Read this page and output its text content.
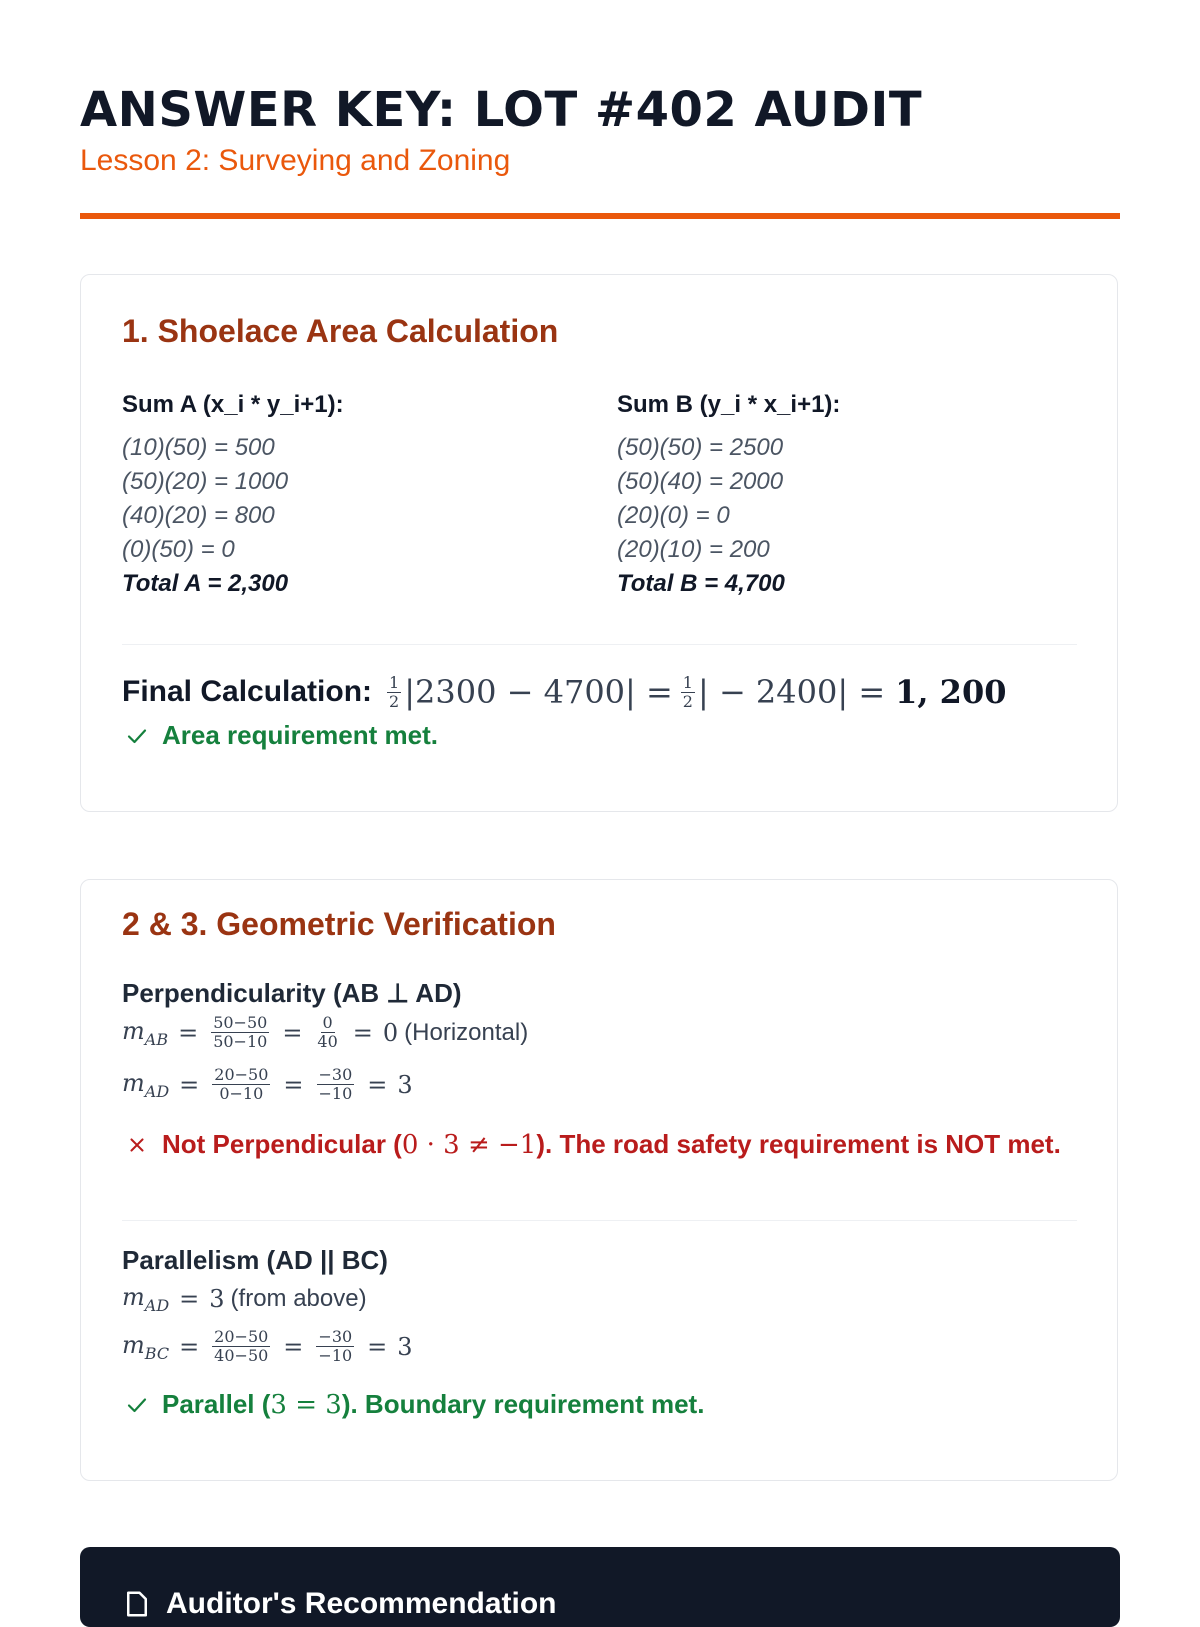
ANSWER KEY: LOT #402 AUDIT
Lesson 2: Surveying and Zoning
1. Shoelace Area Calculation
Sum A (x_i * y_i+1):
(10)(50) = 500
(50)(20) = 1000
(40)(20) = 800
(0)(50) = 0
Total A = 2,300
Sum B (y_i * x_i+1):
(50)(50) = 2500
(50)(40) = 2000
(20)(0) = 0
(20)(10) = 200
Total B = 4,700
Final Calculation: $\frac{1}{2} |2300 - 4700| = \frac{1}{2}$ | − 2400| = 1, 200
Area requirement met.
2 & 3. Geometric Verification
Perpendicularity (AB ⊥ AD)
$m_{AB} = \frac{50-50}{50-10} = \frac{0}{40} = 0$ (Horizontal)
$m_{AD} = \frac{20-50}{0-10} = \frac{-30}{-10} = 3$
Not Perpendicular (0 · 3 ≠ −1). The road safety requirement is NOT met.
Parallelism (AD || BC)
$m_{AD} = 3$ (from above)
$m_{BC} = \frac{20-50}{40-50} = \frac{-30}{-10} = 3$
Parallel (3 = 3). Boundary requirement met.
Auditor's Recommendation
